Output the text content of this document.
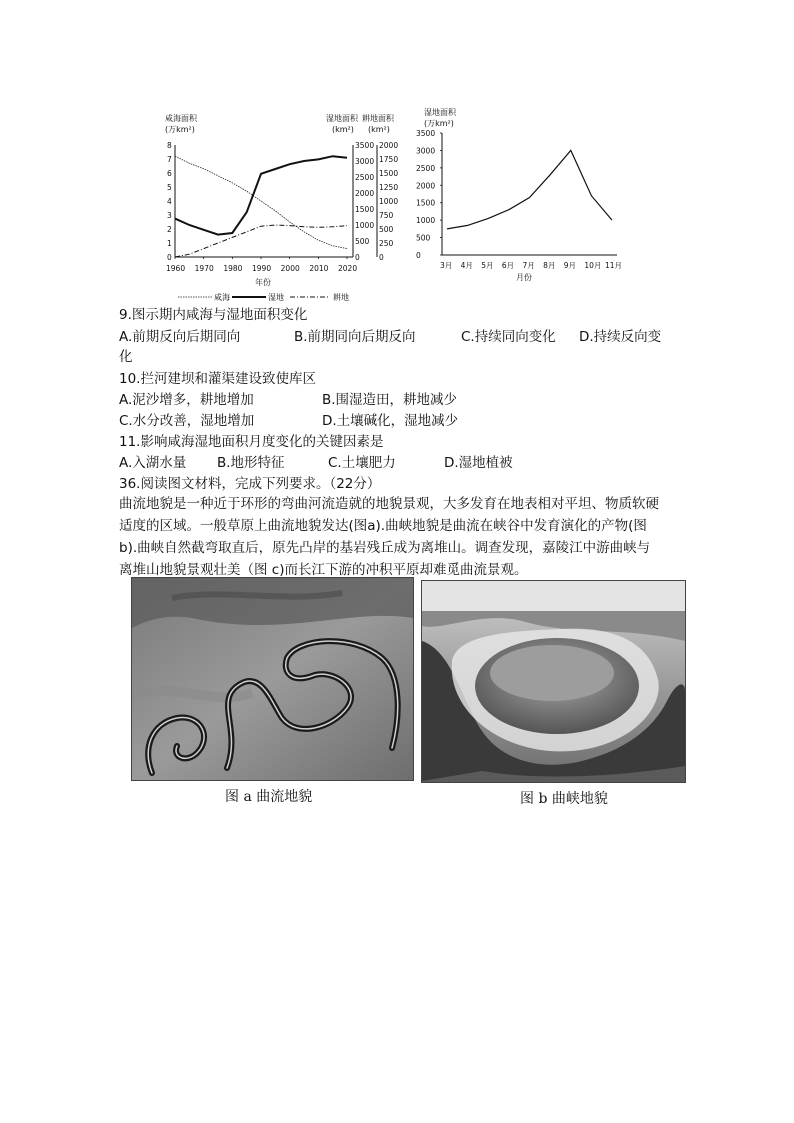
0
1
2
3
4
5
6
7
8
0
500
1000
1500
2000
2500
3000
3500
0
250
500
750
1000
1250
1500
1750
2000
1960 1970 1980 1990 2000 2010 2020
咸海面积
(万km²)
湿地面积
(km²)
耕地面积
(km²)
年份
咸海	湿地	耕地
0
500
1000
1500
2000
2500
3000
3500
3月 4月 5月 6月 7月 8月 9月 10月 11月
湿地面积
(万km²)
月份
9.图示期内咸海与湿地面积变化
A.前期反向后期同向	B.前期同向后期反向	C.持续同向变化 D.持续反向变
化
10.拦河建坝和灌渠建设致使库区
A.泥沙增多，耕地增加	B.围湿造田，耕地减少
C.水分改善，湿地增加	D.土壤碱化，湿地减少
11.影响咸海湿地面积月度变化的关键因素是
A.入湖水量 B.地形特征	C.土壤肥力	D.湿地植被
36.阅读图文材料，完成下列要求。（22分）
曲流地貌是一种近于环形的弯曲河流造就的地貌景观，大多发育在地表相对平坦、物质软硬
适度的区域。一般草原上曲流地貌发达(图a).曲峡地貌是曲流在峡谷中发育演化的产物(图
b).曲峡自然截弯取直后，原先凸岸的基岩残丘成为离堆山。调查发现，嘉陵江中游曲峡与
离堆山地貌景观壮美（图 c)而长江下游的冲积平原却难觅曲流景观。
图 a 曲流地貌	图 b 曲峡地貌
